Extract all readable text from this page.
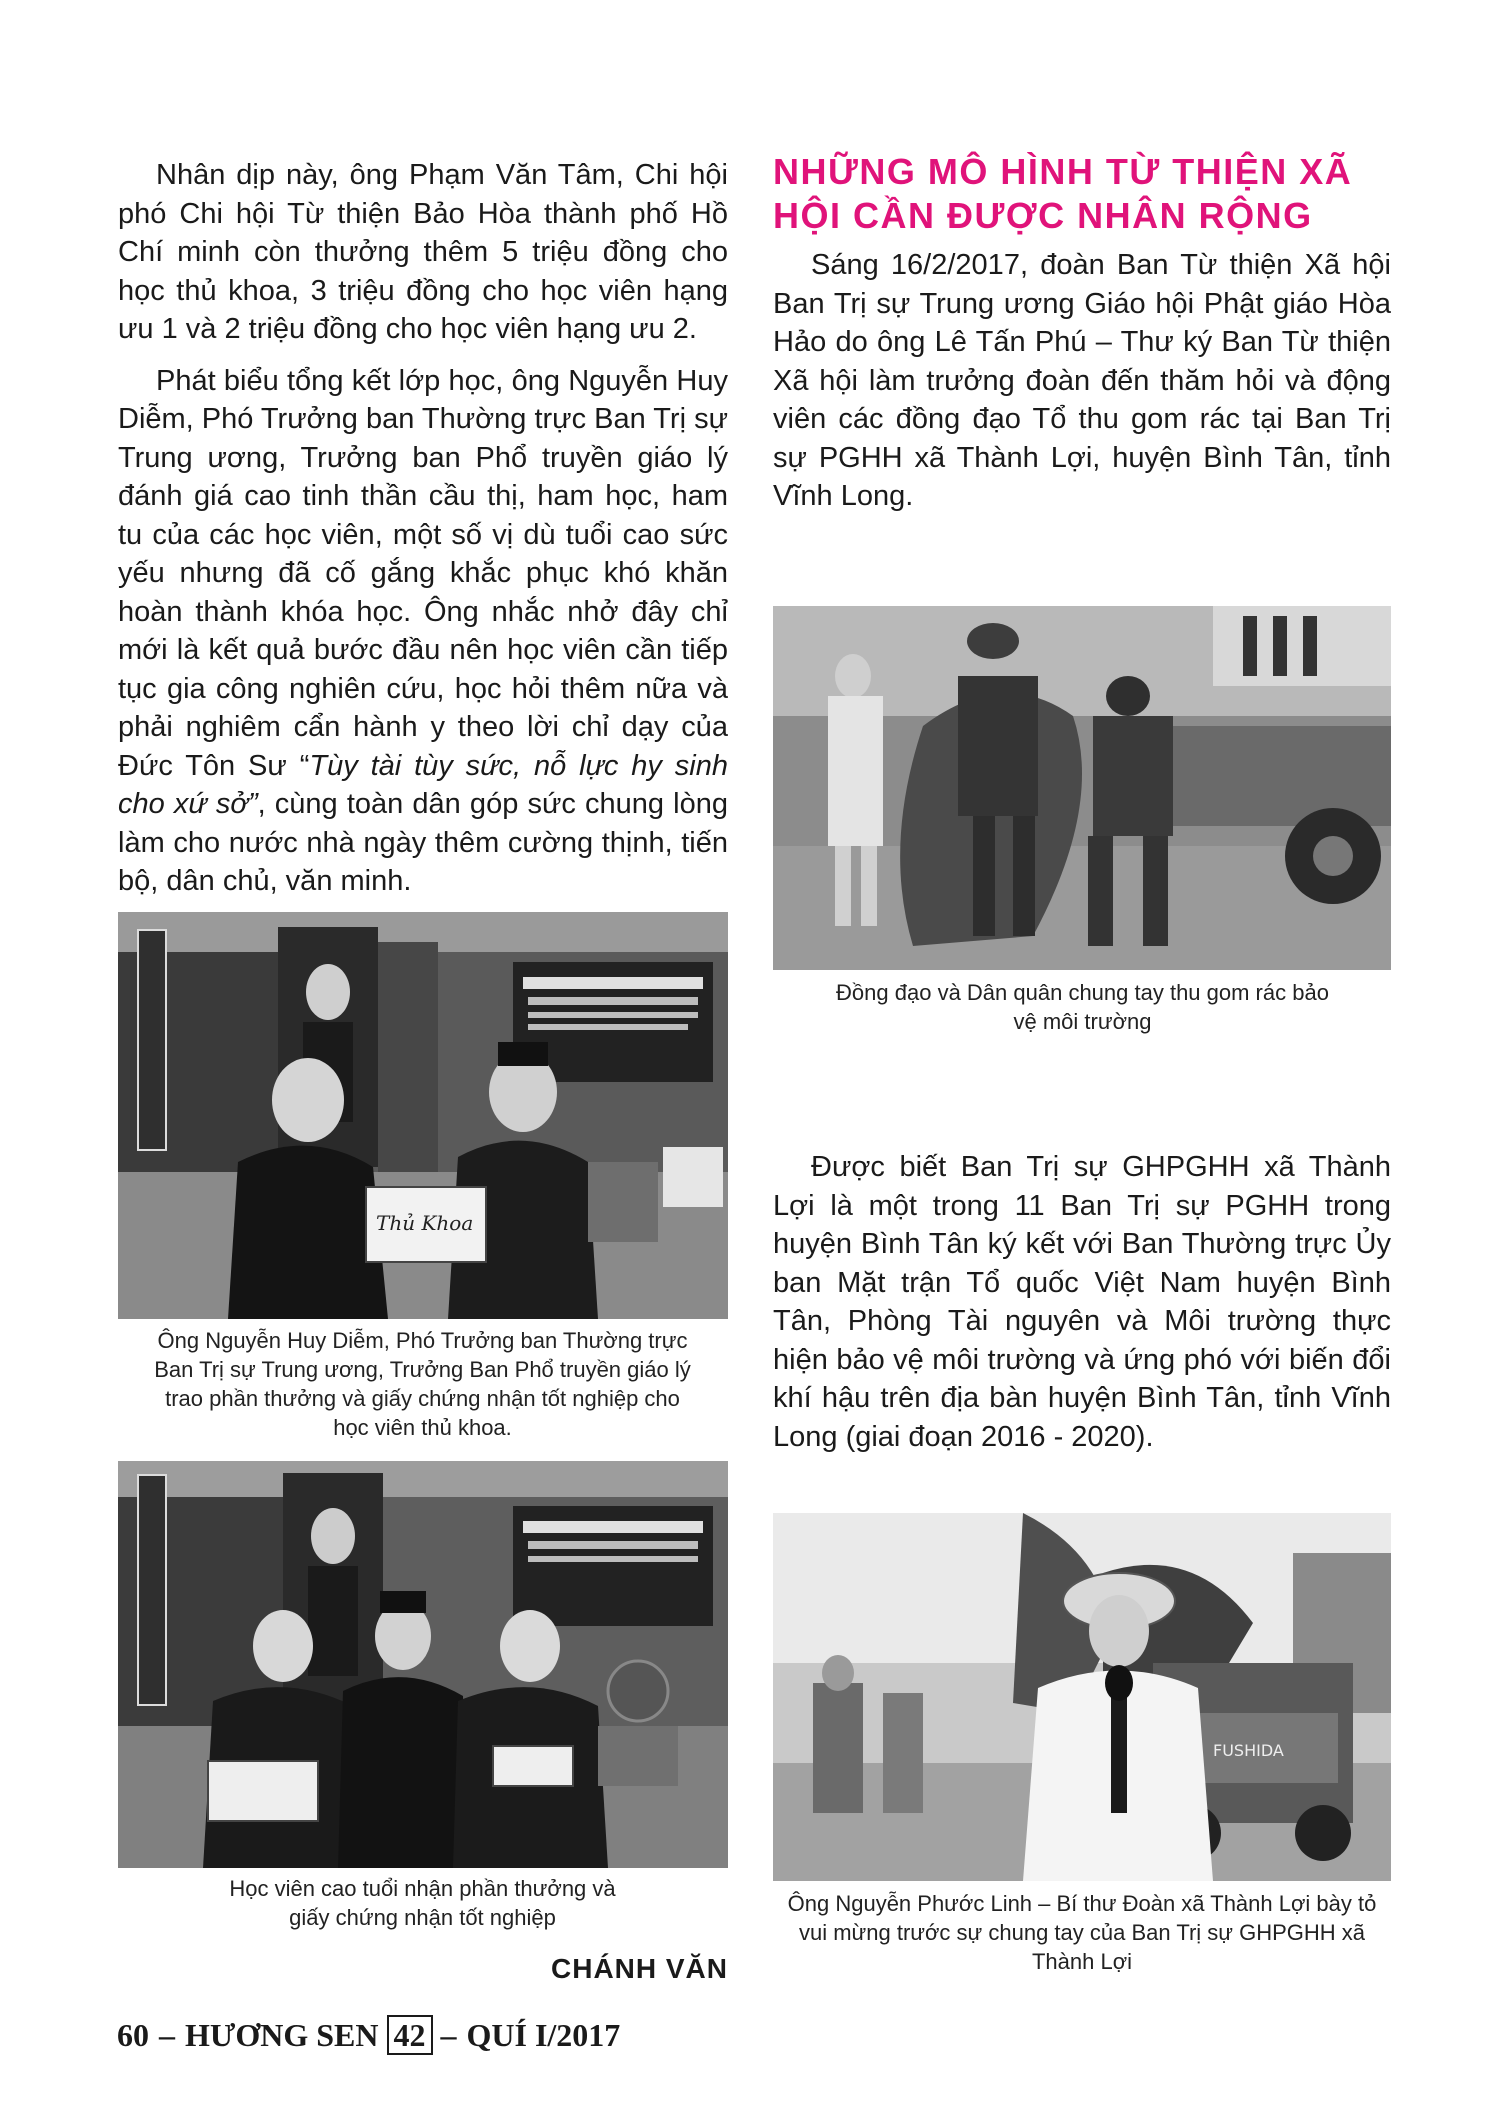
Nhân dịp này, ông Phạm Văn Tâm, Chi hội phó Chi hội Từ thiện Bảo Hòa thành phố Hồ Chí minh còn thưởng thêm 5 triệu đồng cho học thủ khoa, 3 triệu đồng cho học viên hạng ưu 1 và 2 triệu đồng cho học viên hạng ưu 2.

Phát biểu tổng kết lớp học, ông Nguyễn Huy Diễm, Phó Trưởng ban Thường trực Ban Trị sự Trung ương, Trưởng ban Phổ truyền giáo lý đánh giá cao tinh thần cầu thị, ham học, ham tu của các học viên, một số vị dù tuổi cao sức yếu nhưng đã cố gắng khắc phục khó khăn hoàn thành khóa học. Ông nhắc nhở đây chỉ mới là kết quả bước đầu nên học viên cần tiếp tục gia công nghiên cứu, học hỏi thêm nữa và phải nghiêm cẩn hành y theo lời chỉ dạy của Đức Tôn Sư “Tùy tài tùy sức, nỗ lực hy sinh cho xứ sở”, cùng toàn dân góp sức chung lòng làm cho nước nhà ngày thêm cường thịnh, tiến bộ, dân chủ, văn minh.

Thủ Khoa
Ông Nguyễn Huy Diễm, Phó Trưởng ban Thường trực Ban Trị sự Trung ương, Trưởng Ban Phổ truyền giáo lý trao phần thưởng và giấy chứng nhận tốt nghiệp cho học viên thủ khoa.
Học viên cao tuổi nhận phần thưởng và giấy chứng nhận tốt nghiệp
CHÁNH VĂN
NHỮNG MÔ HÌNH TỪ THIỆN XÃ HỘI CẦN ĐƯỢC NHÂN RỘNG

Sáng 16/2/2017, đoàn Ban Từ thiện Xã hội Ban Trị sự Trung ương Giáo hội Phật giáo Hòa Hảo do ông Lê Tấn Phú – Thư ký Ban Từ thiện Xã hội làm trưởng đoàn đến thăm hỏi và động viên các đồng đạo Tổ thu gom rác tại Ban Trị sự PGHH xã Thành Lợi, huyện Bình Tân, tỉnh Vĩnh Long.

Đồng đạo và Dân quân chung tay thu gom rác bảo vệ môi trường

Được biết Ban Trị sự GHPGHH xã Thành Lợi là một trong 11 Ban Trị sự PGHH trong huyện Bình Tân ký kết với Ban Thường trực Ủy ban Mặt trận Tổ quốc Việt Nam huyện Bình Tân, Phòng Tài nguyên và Môi trường thực hiện bảo vệ môi trường và ứng phó với biến đổi khí hậu trên địa bàn huyện Bình Tân, tỉnh Vĩnh Long (giai đoạn 2016 - 2020).

FUSHIDA
Ông Nguyễn Phước Linh – Bí thư Đoàn xã Thành Lợi bày tỏ vui mừng trước sự chung tay của Ban Trị sự GHPGHH xã Thành Lợi
60 – HƯƠNG SEN 42 – QUÍ I/2017
